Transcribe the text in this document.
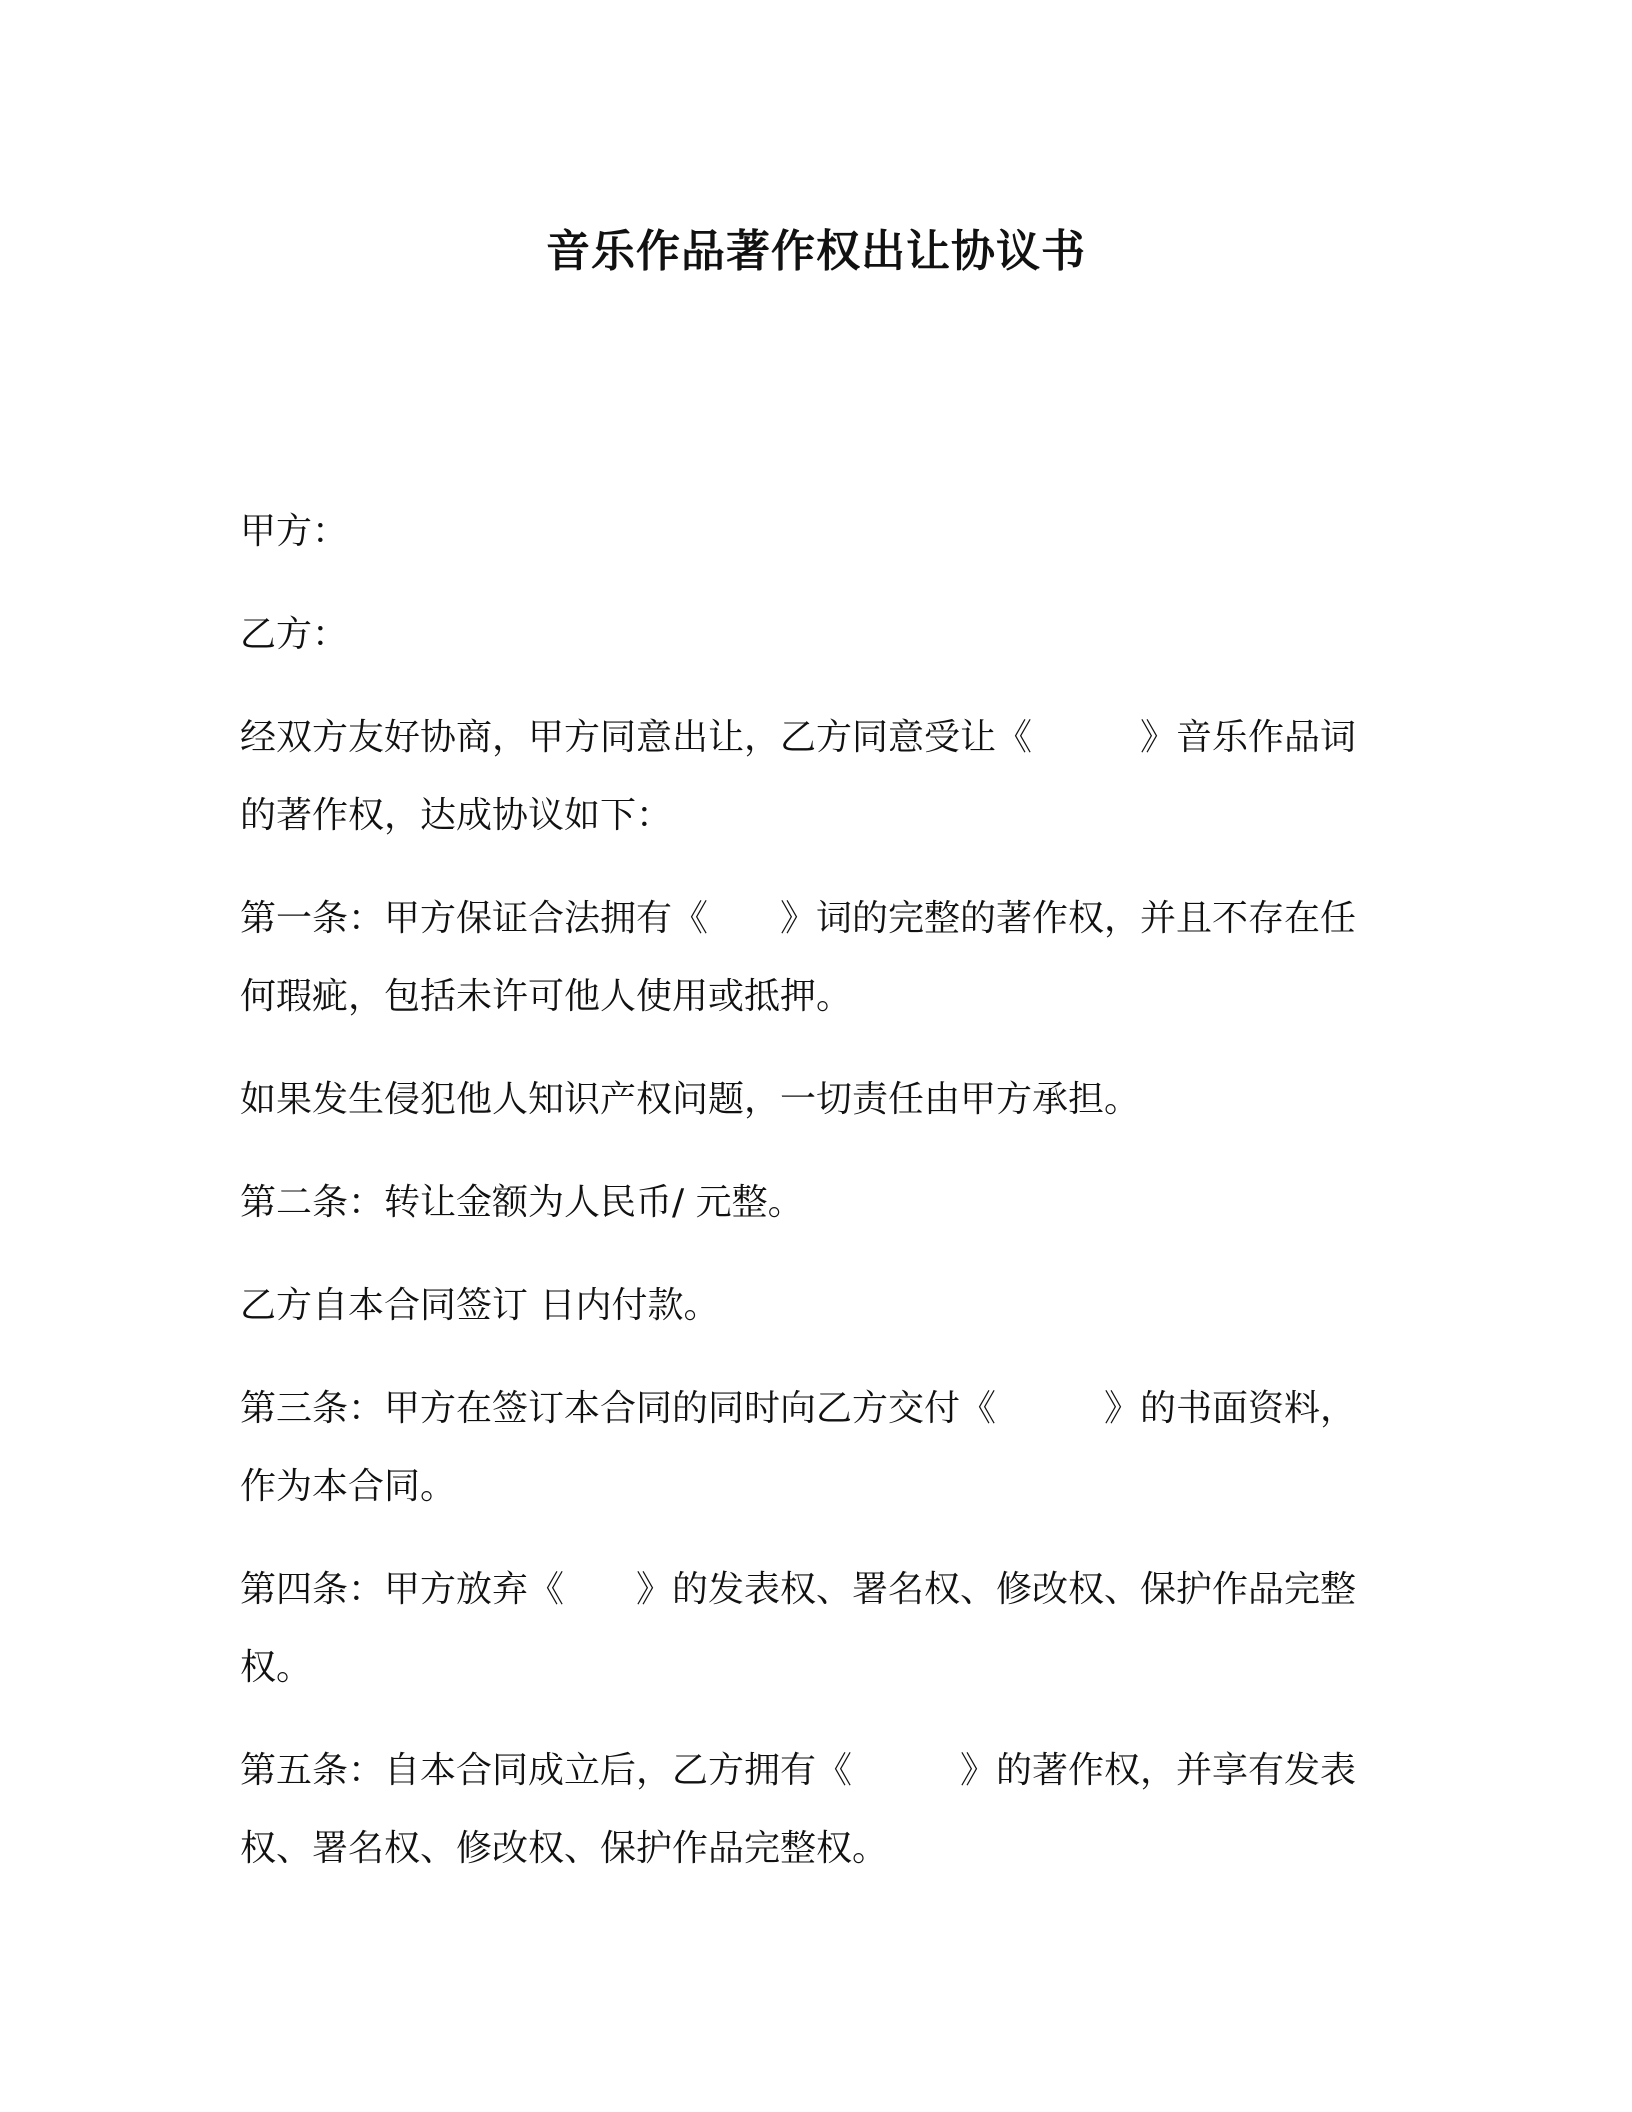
音乐作品著作权出让协议书

甲方：

乙方：

经双方友好协商，甲方同意出让，乙方同意受让《　　　》音乐作品词的著作权，达成协议如下：

第一条：甲方保证合法拥有《　　》词的完整的著作权，并且不存在任何瑕疵，包括未许可他人使用或抵押。

如果发生侵犯他人知识产权问题，一切责任由甲方承担。

第二条：转让金额为人民币/ 元整。

乙方自本合同签订 日内付款。

第三条：甲方在签订本合同的同时向乙方交付《　　　》的书面资料，作为本合同。

第四条：甲方放弃《　　》的发表权、署名权、修改权、保护作品完整权。

第五条：自本合同成立后，乙方拥有《　　　》的著作权，并享有发表权、署名权、修改权、保护作品完整权。
